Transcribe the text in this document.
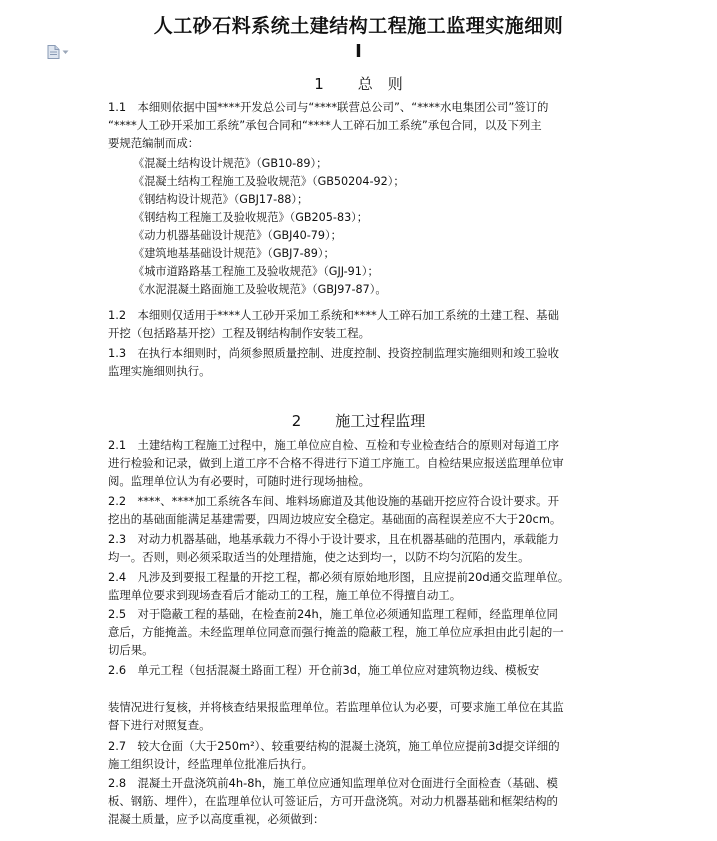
人工砂石料系统土建结构工程施工监理实施细则
Ⅰ
1 总　则
1.1　本细则依据中国****开发总公司与“****联营总公司”、“****水电集团公司”签订的
“****人工砂开采加工系统”承包合同和“****人工碎石加工系统”承包合同，以及下列主
要规范编制而成：
《混凝土结构设计规范》（GB10-89）；
《混凝土结构工程施工及验收规范》（GB50204-92）；
《钢结构设计规范》（GBJ17-88）；
《钢结构工程施工及验收规范》（GB205-83）；
《动力机器基础设计规范》（GBJ40-79）；
《建筑地基基础设计规范》（GBJ7-89）；
《城市道路路基工程施工及验收规范》（GJJ-91）；
《水泥混凝土路面施工及验收规范》（GBJ97-87）。
1.2　本细则仅适用于****人工砂开采加工系统和****人工碎石加工系统的土建工程、基础
开挖（包括路基开挖）工程及钢结构制作安装工程。
1.3　在执行本细则时，尚须参照质量控制、进度控制、投资控制监理实施细则和竣工验收
监理实施细则执行。
2 施工过程监理
2.1　土建结构工程施工过程中，施工单位应自检、互检和专业检查结合的原则对每道工序
进行检验和记录，做到上道工序不合格不得进行下道工序施工。自检结果应报送监理单位审
阅。监理单位认为有必要时，可随时进行现场抽检。
2.2　****、****加工系统各车间、堆料场廊道及其他设施的基础开挖应符合设计要求。开
挖出的基础面能满足基建需要，四周边坡应安全稳定。基础面的高程误差应不大于20cm。
2.3　对动力机器基础，地基承载力不得小于设计要求，且在机器基础的范围内，承载能力
均一。否则，则必须采取适当的处理措施，使之达到均一，以防不均匀沉陷的发生。
2.4　凡涉及到要报工程量的开挖工程，都必须有原始地形图，且应提前20d通交监理单位。
监理单位要求到现场查看后才能动工的工程，施工单位不得擅自动工。
2.5　对于隐蔽工程的基础，在检查前24h，施工单位必须通知监理工程师，经监理单位同
意后，方能掩盖。未经监理单位同意而强行掩盖的隐蔽工程，施工单位应承担由此引起的一
切后果。
2.6　单元工程（包括混凝土路面工程）开仓前3d，施工单位应对建筑物边线、模板安
装情况进行复核，并将核查结果报监理单位。若监理单位认为必要，可要求施工单位在其监
督下进行对照复查。
2.7　较大仓面（大于250m²）、较重要结构的混凝土浇筑，施工单位应提前3d提交详细的
施工组织设计，经监理单位批准后执行。
2.8　混凝土开盘浇筑前4h-8h，施工单位应通知监理单位对仓面进行全面检查（基础、模
板、钢筋、埋件），在监理单位认可签证后，方可开盘浇筑。对动力机器基础和框架结构的
混凝土质量，应予以高度重视，必须做到：
